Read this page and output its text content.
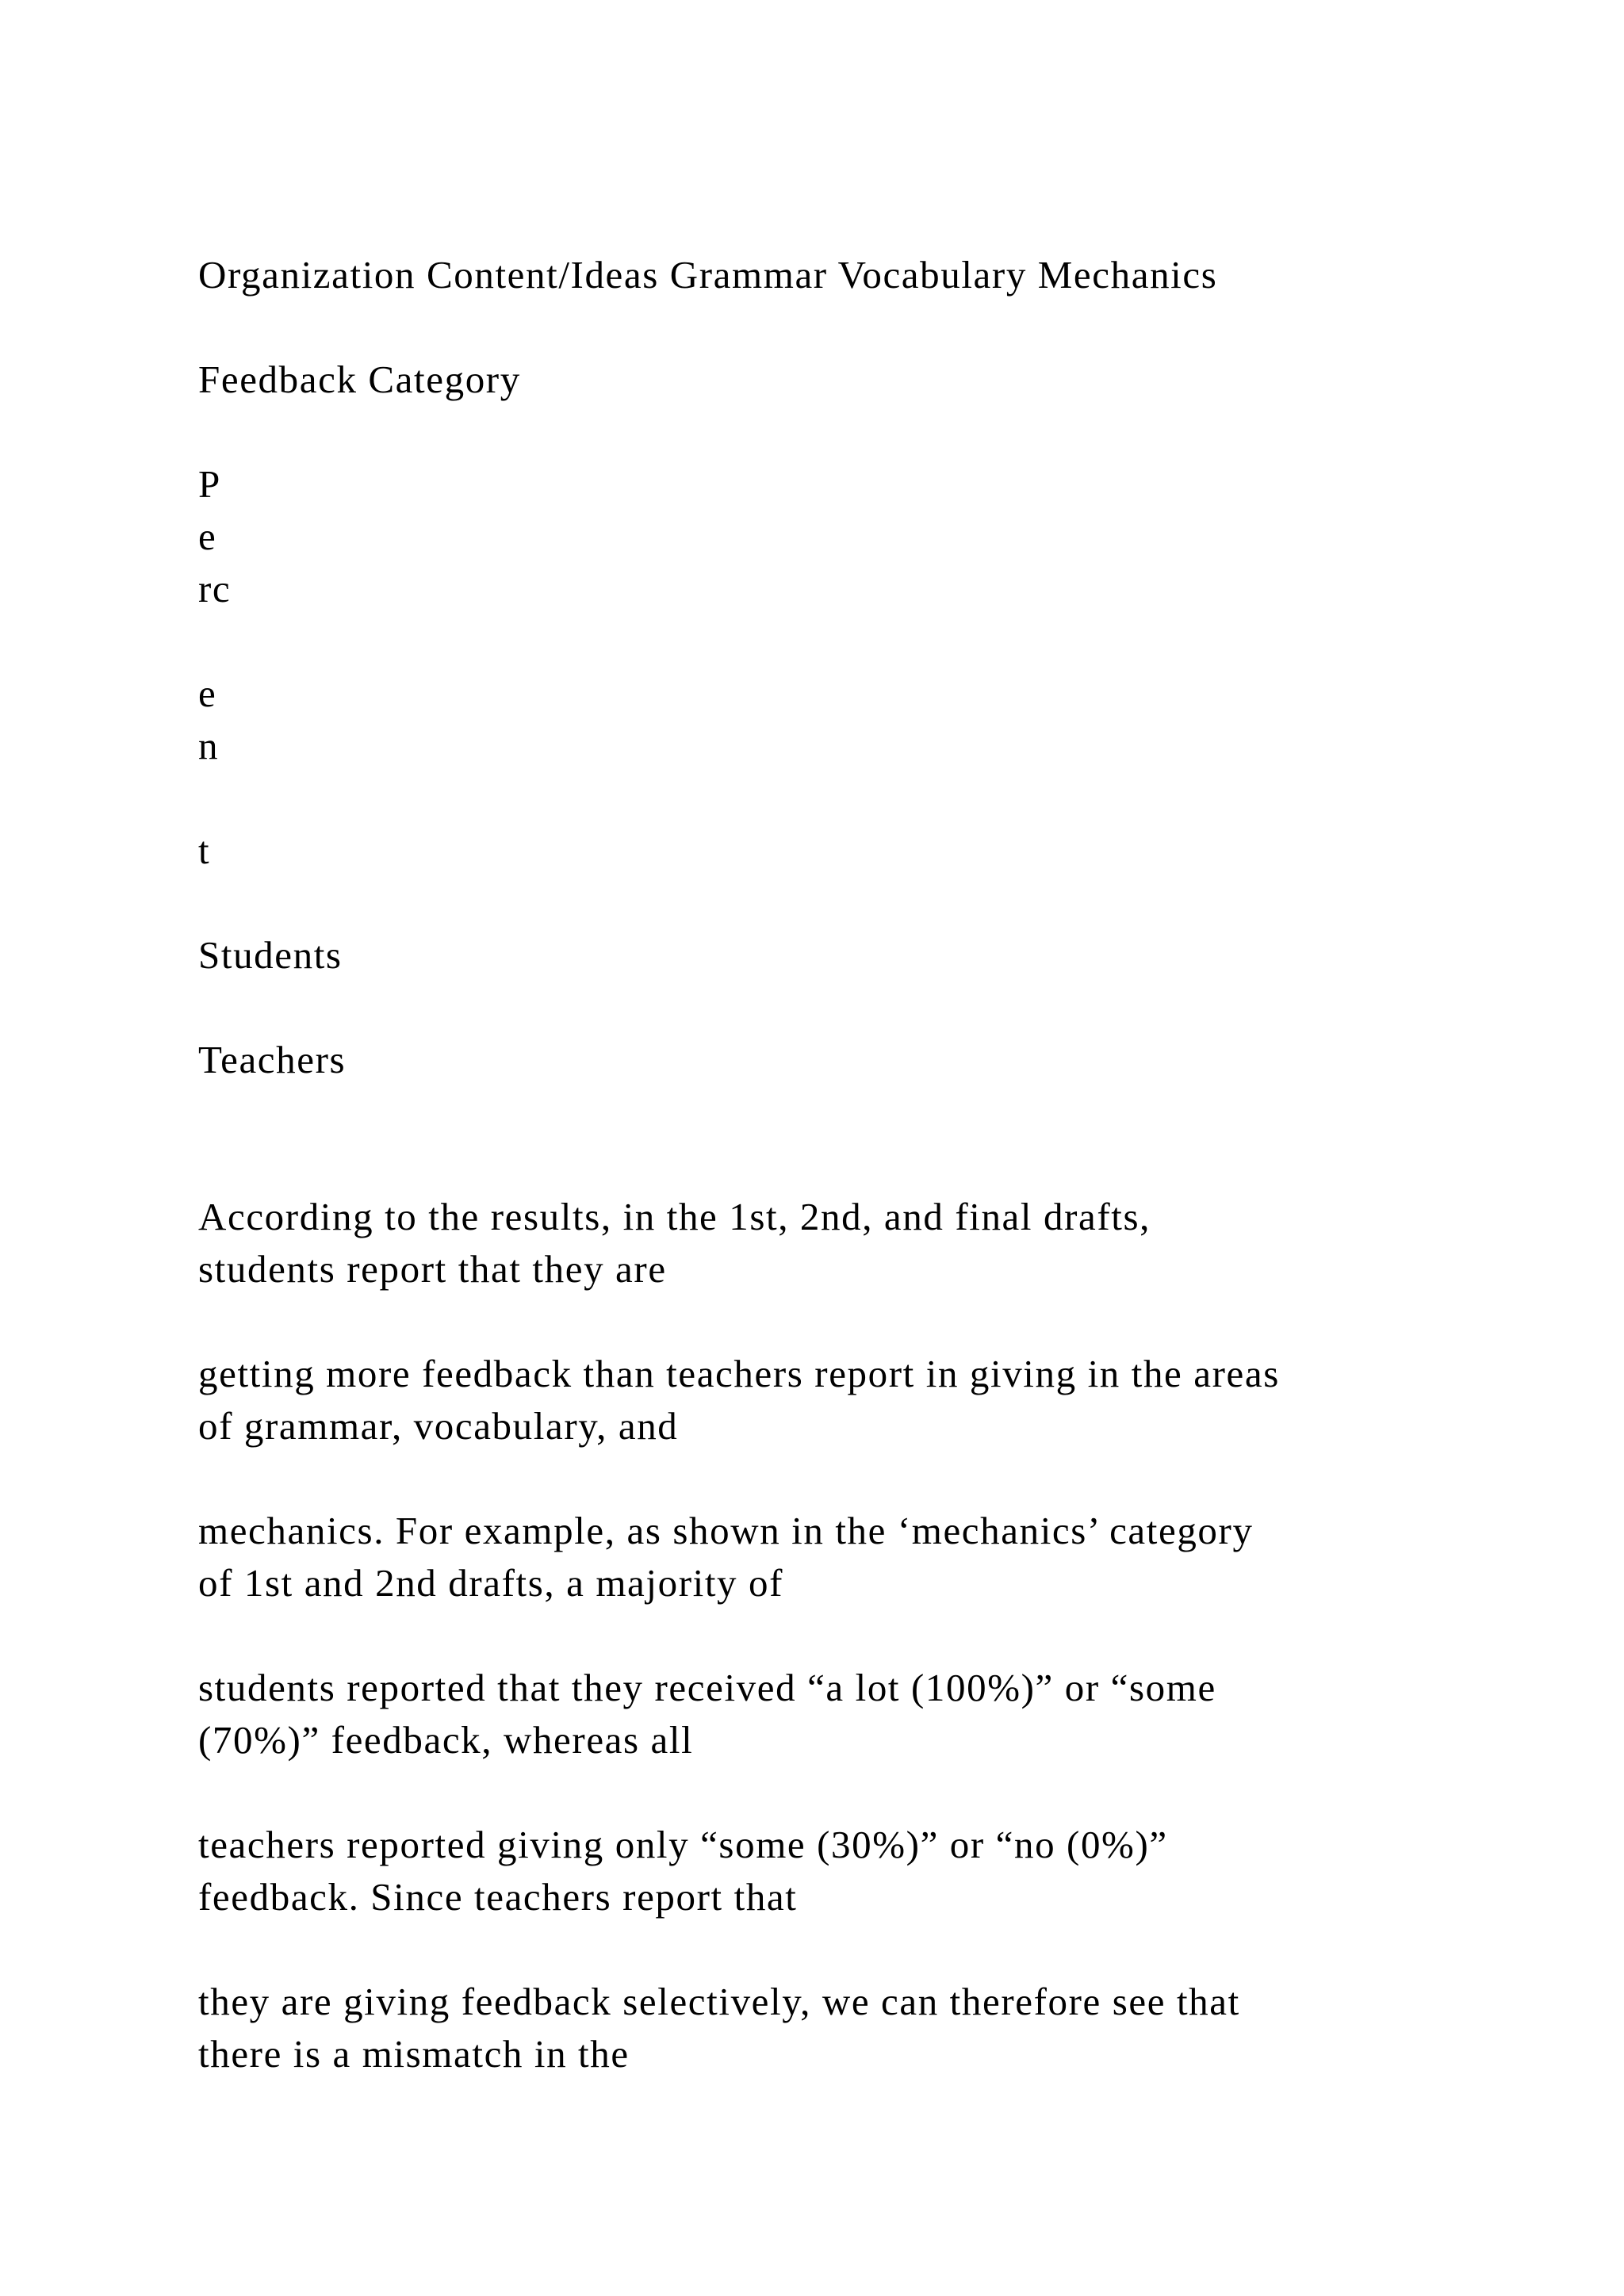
Organization Content/Ideas Grammar Vocabulary Mechanics

Feedback Category

P

e

rc

e

n

t

Students

Teachers

According to the results, in the 1st, 2nd, and final drafts,
students report that they are
getting more feedback than teachers report in giving in the areas
of grammar, vocabulary, and
mechanics. For example, as shown in the ‘mechanics’ category
of 1st and 2nd drafts, a majority of
students reported that they received “a lot (100%)” or “some
(70%)” feedback, whereas all
teachers reported giving only “some (30%)” or “no (0%)”
feedback. Since teachers report that
they are giving feedback selectively, we can therefore see that
there is a mismatch in the
